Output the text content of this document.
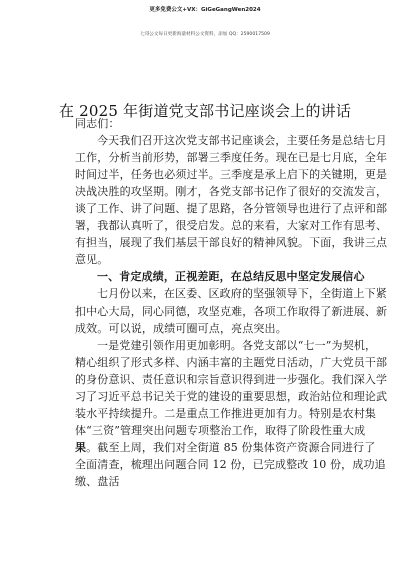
更多免费公文+VX：GiGeGangWen2024
七哥公文每日更新海量材料公文资料，添加 QQ：2590017509
在 2025 年街道党支部书记座谈会上的讲话
同志们：
今天我们召开这次党支部书记座谈会，主要任务是总结七月
工作，分析当前形势，部署三季度任务。现在已是七月底，全年
时间过半，任务也必须过半。三季度是承上启下的关键期，更是
决战决胜的攻坚期。刚才，各党支部书记作了很好的交流发言，
谈了工作、讲了问题、提了思路，各分管领导也进行了点评和部
署，我都认真听了，很受启发。总的来看，大家对工作有思考、
有担当，展现了我们基层干部良好的精神风貌。下面，我讲三点
意见。
一、肯定成绩，正视差距，在总结反思中坚定发展信心
七月份以来，在区委、区政府的坚强领导下，全街道上下紧
扣中心大局，同心同德，攻坚克难，各项工作取得了新进展、新
成效。可以说，成绩可圈可点，亮点突出。
一是党建引领作用更加彰明。各党支部以“七一”为契机，
精心组织了形式多样、内涵丰富的主题党日活动，广大党员干部
的身份意识、责任意识和宗旨意识得到进一步强化。我们深入学
习了习近平总书记关于党的建设的重要思想，政治站位和理论武
装水平持续提升。二是重点工作推进更加有力。特别是农村集
体“三资”管理突出问题专项整治工作，取得了阶段性重大成
果。截至上周，我们对全街道 85 份集体资产资源合同进行了
全面清查，梳理出问题合同 12 份，已完成整改 10 份，成功追
缴、盘活
